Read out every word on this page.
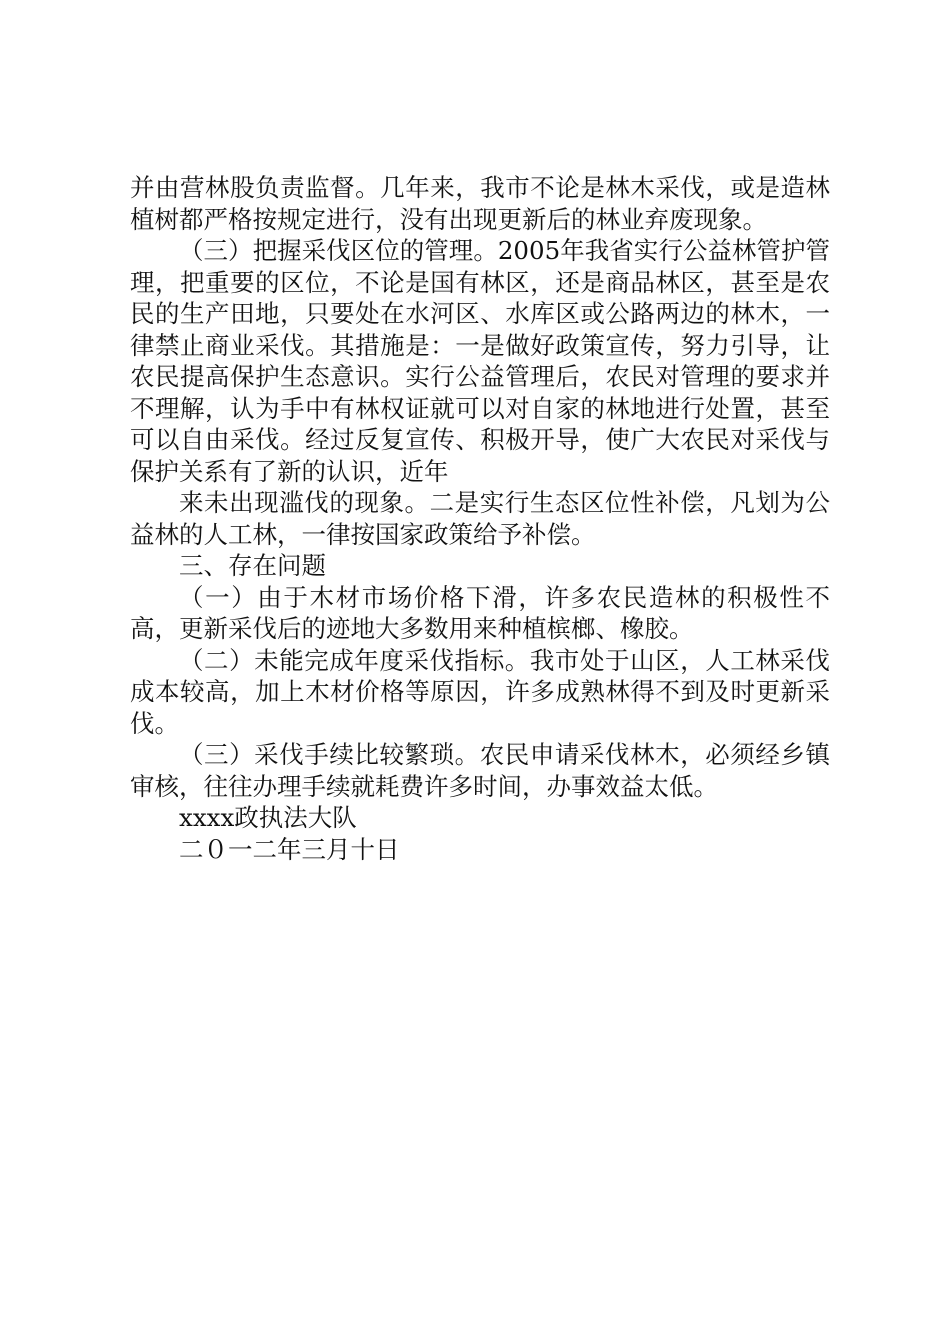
并由营林股负责监督。几年来，我市不论是林木采伐，或是造林植树都严格按规定进行，没有出现更新后的林业弃废现象。

（三）把握采伐区位的管理。2005年我省实行公益林管护管理，把重要的区位，不论是国有林区，还是商品林区，甚至是农民的生产田地，只要处在水河区、水库区或公路两边的林木，一律禁止商业采伐。其措施是：一是做好政策宣传，努力引导，让农民提高保护生态意识。实行公益管理后，农民对管理的要求并不理解，认为手中有林权证就可以对自家的林地进行处置，甚至可以自由采伐。经过反复宣传、积极开导，使广大农民对采伐与保护关系有了新的认识，近年

来未出现滥伐的现象。二是实行生态区位性补偿，凡划为公益林的人工林，一律按国家政策给予补偿。

三、存在问题

（一）由于木材市场价格下滑，许多农民造林的积极性不高，更新采伐后的迹地大多数用来种植槟榔、橡胶。

（二）未能完成年度采伐指标。我市处于山区，人工林采伐成本较高，加上木材价格等原因，许多成熟林得不到及时更新采伐。

（三）采伐手续比较繁琐。农民申请采伐林木，必须经乡镇审核，往往办理手续就耗费许多时间，办事效益太低。

xxxx政执法大队

二０一二年三月十日
